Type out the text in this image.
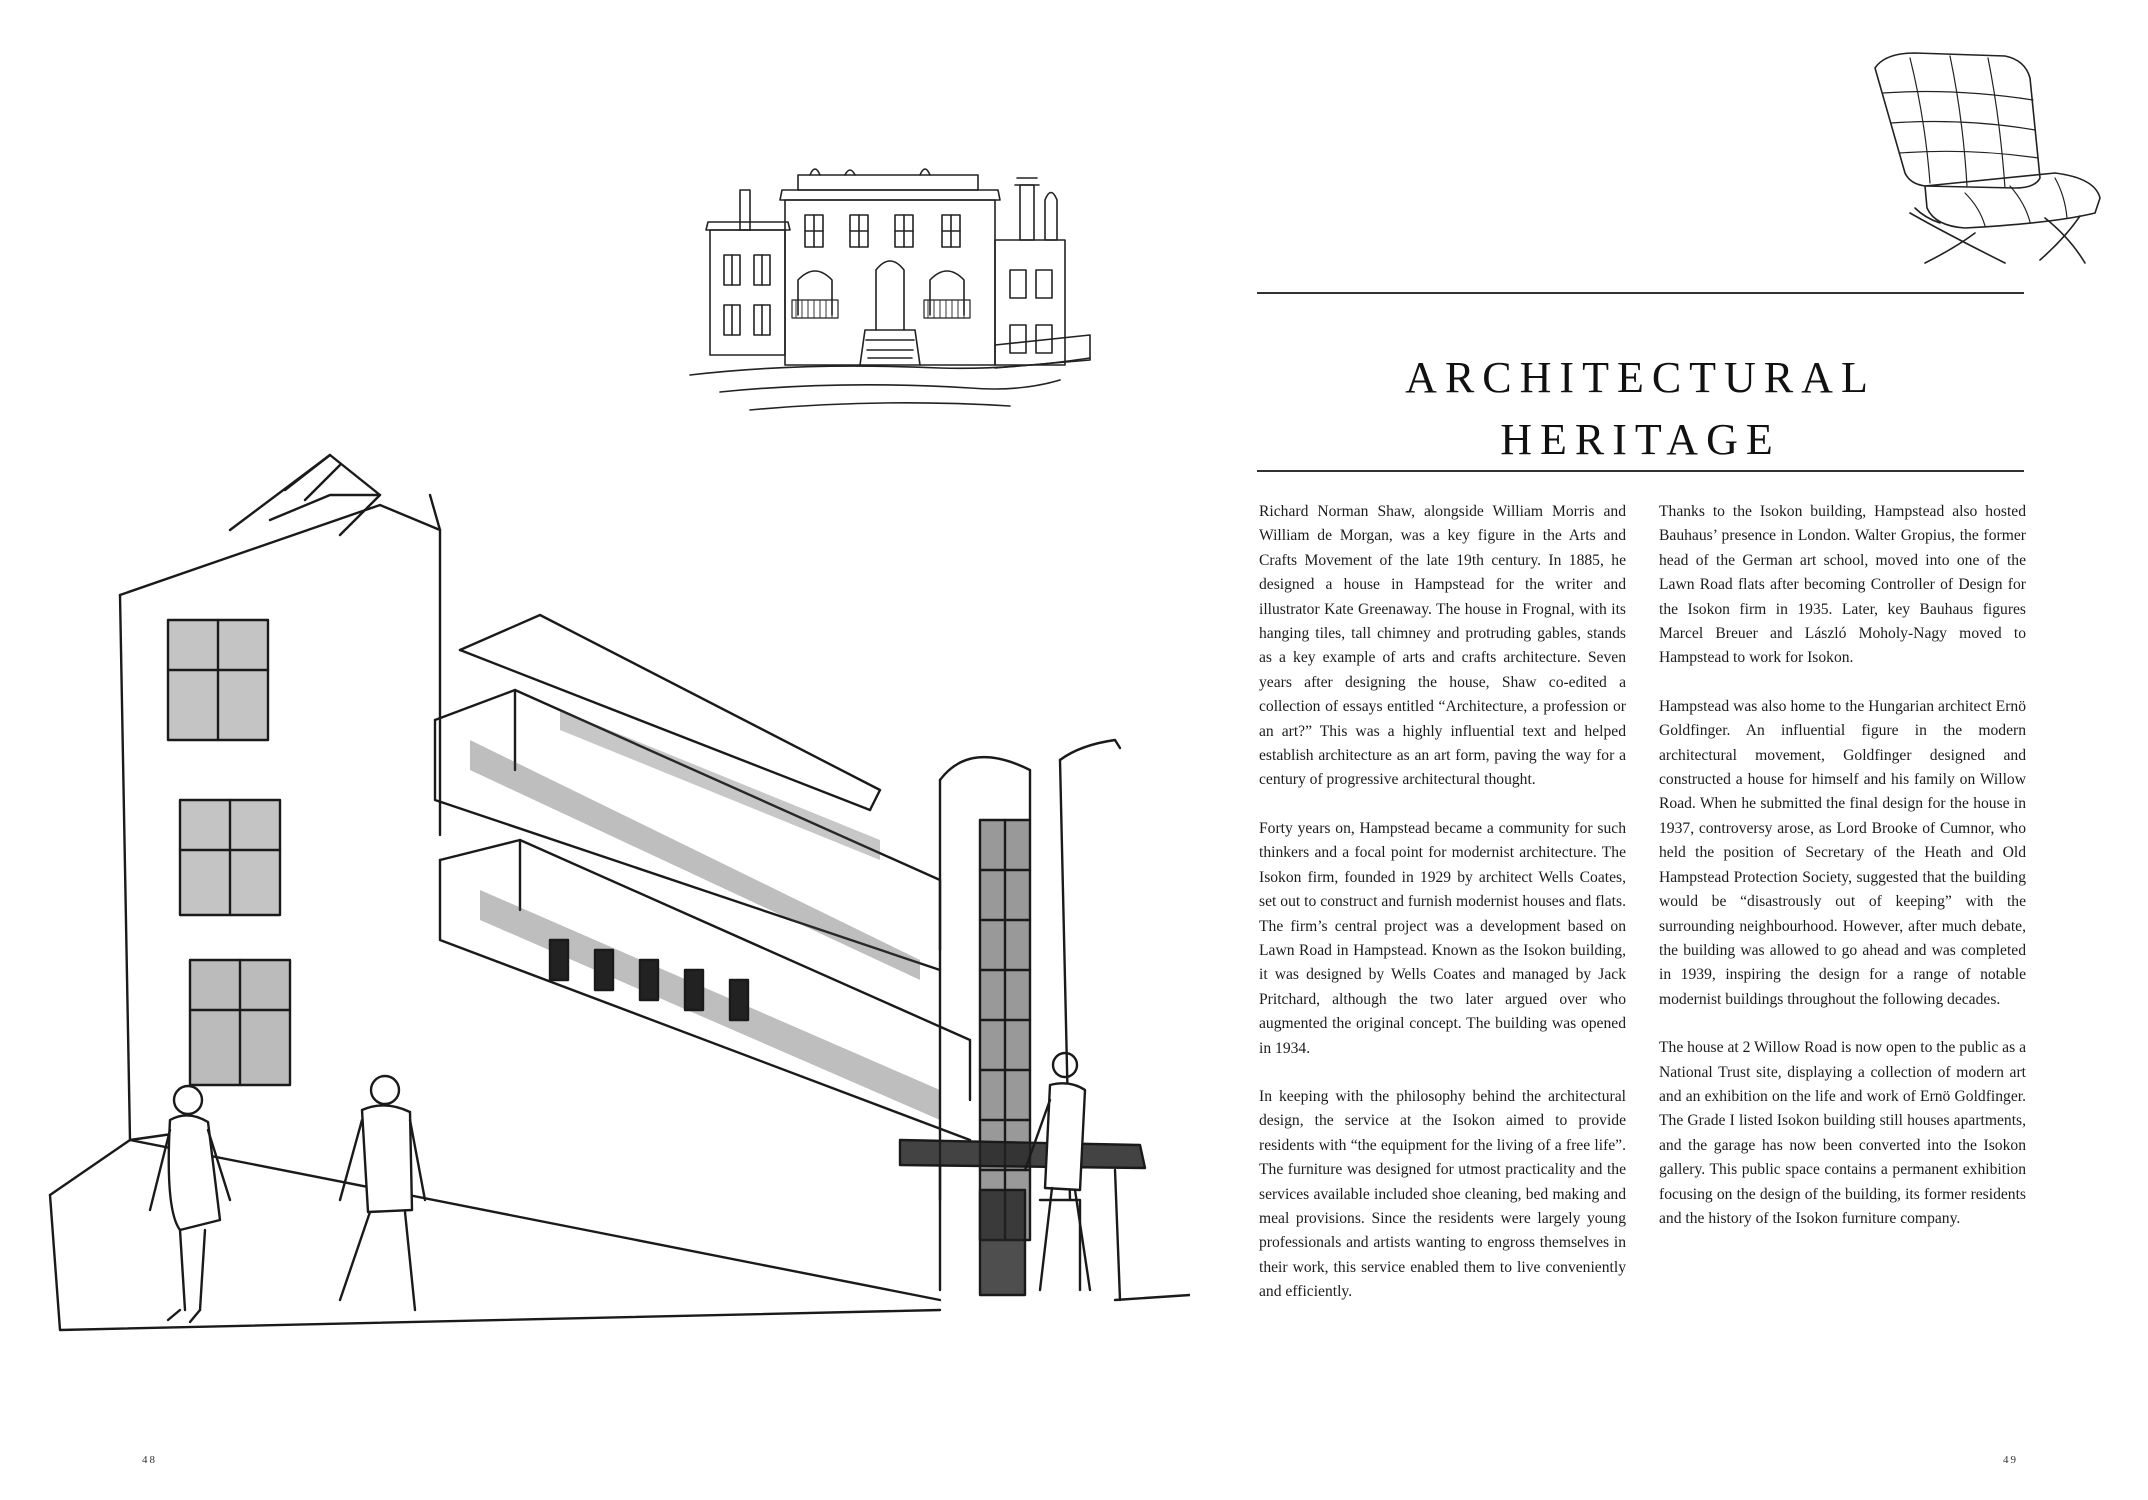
ARCHITECTURAL
HERITAGE

Richard Norman Shaw, alongside William Morris and William de Morgan, was a key figure in the Arts and Crafts Movement of the late 19th century. In 1885, he designed a house in Hampstead for the writer and illustrator Kate Greenaway. The house in Frognal, with its hanging tiles, tall chimney and protruding gables, stands as a key example of arts and crafts architecture. Seven years after designing the house, Shaw co-edited a collection of essays entitled “Architecture, a profession or an art?” This was a highly influential text and helped establish architecture as an art form, paving the way for a century of progressive architectural thought.

Forty years on, Hampstead became a community for such thinkers and a focal point for modernist architecture. The Isokon firm, founded in 1929 by architect Wells Coates, set out to construct and furnish modernist houses and flats. The firm’s central project was a development based on Lawn Road in Hampstead. Known as the Isokon building, it was designed by Wells Coates and managed by Jack Pritchard, although the two later argued over who augmented the original concept. The building was opened in 1934.

In keeping with the philosophy behind the architectural design, the service at the Isokon aimed to provide residents with “the equipment for the living of a free life”. The furniture was designed for utmost practicality and the services available included shoe cleaning, bed making and meal provisions. Since the residents were largely young professionals and artists wanting to engross themselves in their work, this service enabled them to live conveniently and efficiently.

Thanks to the Isokon building, Hampstead also hosted Bauhaus’ presence in London. Walter Gropius, the former head of the German art school, moved into one of the Lawn Road flats after becoming Controller of Design for the Isokon firm in 1935. Later, key Bauhaus figures Marcel Breuer and László Moholy-Nagy moved to Hampstead to work for Isokon.

Hampstead was also home to the Hungarian architect Ernö Goldfinger. An influential figure in the modern architectural movement, Goldfinger designed and constructed a house for himself and his family on Willow Road. When he submitted the final design for the house in 1937, controversy arose, as Lord Brooke of Cumnor, who held the position of Secretary of the Heath and Old Hampstead Protection Society, suggested that the building would be “disastrously out of keeping” with the surrounding neighbourhood. However, after much debate, the building was allowed to go ahead and was completed in 1939, inspiring the design for a range of notable modernist buildings throughout the following decades.

The house at 2 Willow Road is now open to the public as a National Trust site, displaying a collection of modern art and an exhibition on the life and work of Ernö Goldfinger. The Grade I listed Isokon building still houses apartments, and the garage has now been converted into the Isokon gallery. This public space contains a permanent exhibition focusing on the design of the building, its former residents and the history of the Isokon furniture company.

48	49
